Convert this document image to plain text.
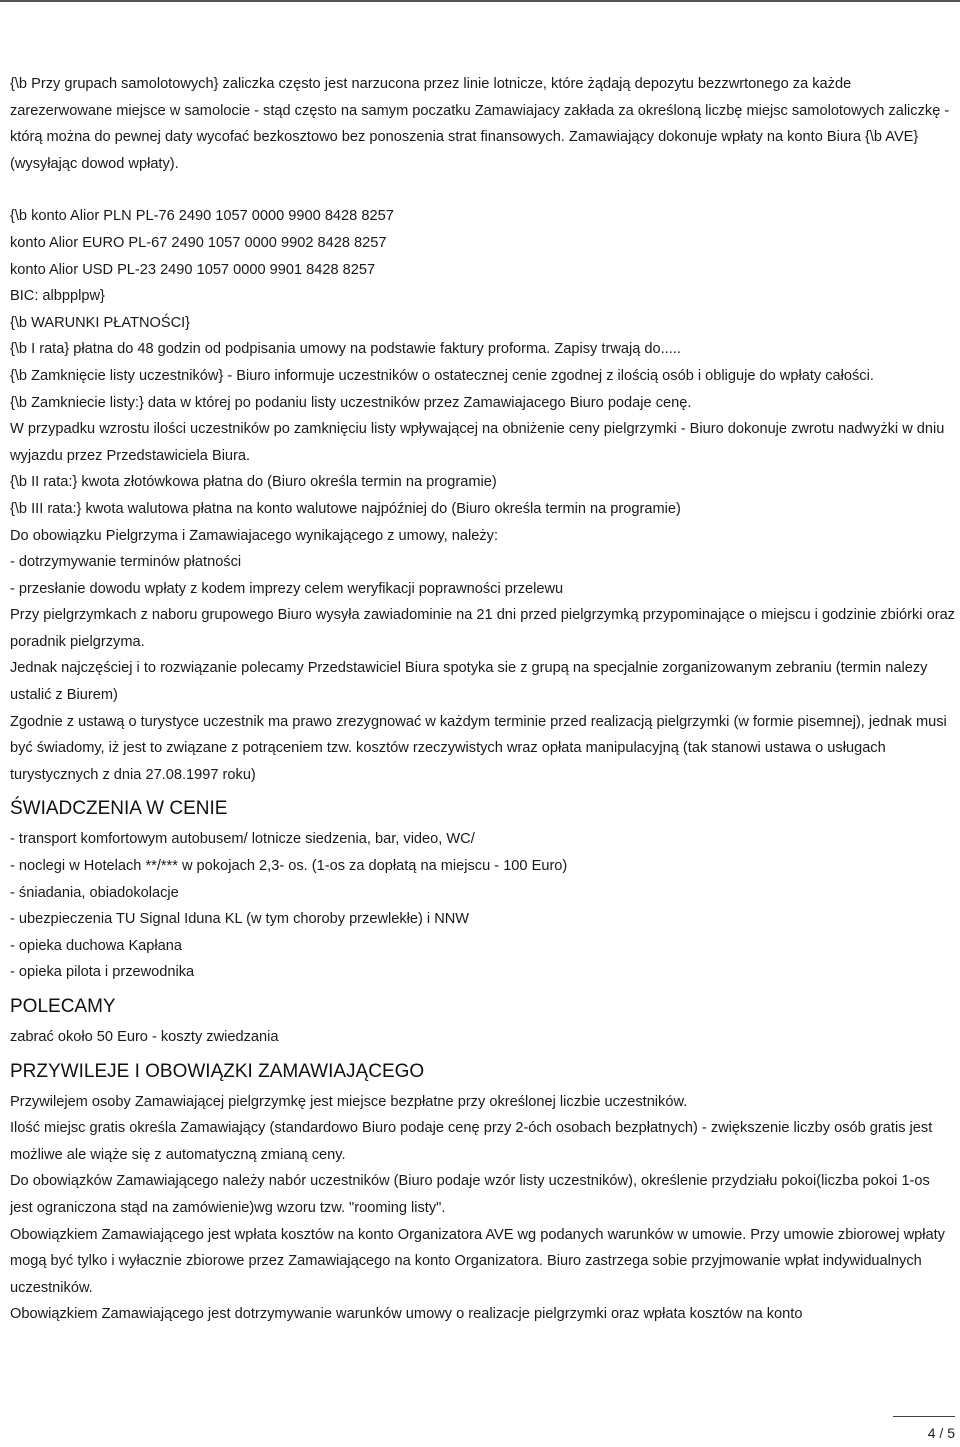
{\b Przy grupach samolotowych} zaliczka często jest narzucona przez linie lotnicze, które żądają depozytu bezzwrtonego za każde zarezerwowane miejsce w samolocie - stąd często na samym poczatku Zamawiajacy zakłada za określoną liczbę miejsc samolotowych zaliczkę - którą można do pewnej daty wycofać bezkosztowo bez ponoszenia strat finansowych. Zamawiający dokonuje wpłaty na konto Biura {\b AVE} (wysyłając dowod wpłaty).

{\b konto Alior PLN PL-76 2490 1057 0000 9900 8428 8257

konto Alior EURO PL-67 2490 1057 0000 9902 8428 8257

konto Alior USD PL-23 2490 1057 0000 9901 8428 8257

BIC: albpplpw}

{\b WARUNKI PŁATNOŚCI}

{\b I rata} płatna do 48 godzin od podpisania umowy na podstawie faktury proforma. Zapisy trwają do.....

{\b Zamknięcie listy uczestników} - Biuro informuje uczestników o ostatecznej cenie zgodnej z ilością osób i obliguje do wpłaty całości.

{\b Zamkniecie listy:} data w której po podaniu listy uczestników przez Zamawiajacego Biuro podaje cenę.

W przypadku wzrostu ilości uczestników po zamknięciu listy wpływającej na obniżenie ceny pielgrzymki - Biuro dokonuje zwrotu nadwyżki w dniu wyjazdu przez Przedstawiciela Biura.

{\b II rata:} kwota złotówkowa płatna do (Biuro określa termin na programie)

{\b III rata:} kwota walutowa płatna na konto walutowe najpóźniej do (Biuro określa termin na programie)

Do obowiązku Pielgrzyma i Zamawiajacego wynikającego z umowy, należy:

- dotrzymywanie terminów płatności

- przesłanie dowodu wpłaty z kodem imprezy celem weryfikacji poprawności przelewu

Przy pielgrzymkach z naboru grupowego Biuro wysyła zawiadominie na 21 dni przed pielgrzymką przypominające o miejscu i godzinie zbiórki oraz poradnik pielgrzyma.

Jednak najczęściej i to rozwiązanie polecamy Przedstawiciel Biura spotyka sie z grupą na specjalnie zorganizowanym zebraniu (termin nalezy ustalić z Biurem)

Zgodnie z ustawą o turystyce uczestnik ma prawo zrezygnować w każdym terminie przed realizacją pielgrzymki (w formie pisemnej), jednak musi być świadomy, iż jest to związane z potrąceniem tzw. kosztów rzeczywistych wraz opłata manipulacyjną (tak stanowi ustawa o usługach turystycznych z dnia 27.08.1997 roku)

ŚWIADCZENIA W CENIE

- transport komfortowym autobusem/ lotnicze siedzenia, bar, video, WC/

- noclegi w Hotelach **/*** w pokojach 2,3- os. (1-os za dopłatą na miejscu - 100 Euro)

- śniadania, obiadokolacje

- ubezpieczenia TU Signal Iduna KL (w tym choroby przewlekłe) i NNW

- opieka duchowa Kapłana

- opieka pilota i przewodnika

POLECAMY

zabrać około 50 Euro - koszty zwiedzania

PRZYWILEJE I OBOWIĄZKI ZAMAWIAJĄCEGO

Przywilejem osoby Zamawiającej pielgrzymkę jest miejsce bezpłatne przy określonej liczbie uczestników.

Ilość miejsc gratis określa Zamawiający (standardowo Biuro podaje cenę przy 2-óch osobach bezpłatnych) - zwiększenie liczby osób gratis jest możliwe ale wiąże się z automatyczną zmianą ceny.

Do obowiązków Zamawiającego należy nabór uczestników (Biuro podaje wzór listy uczestników), określenie przydziału pokoi(liczba pokoi 1-os jest ograniczona stąd na zamówienie)wg wzoru tzw. "rooming listy".

Obowiązkiem Zamawiającego jest wpłata kosztów na konto Organizatora AVE wg podanych warunków w umowie. Przy umowie zbiorowej wpłaty mogą być tylko i wyłacznie zbiorowe przez Zamawiającego na konto Organizatora. Biuro zastrzega sobie przyjmowanie wpłat indywidualnych uczestników.

Obowiązkiem Zamawiającego jest dotrzymywanie warunków umowy o realizacje pielgrzymki oraz wpłata kosztów na konto

4 / 5
